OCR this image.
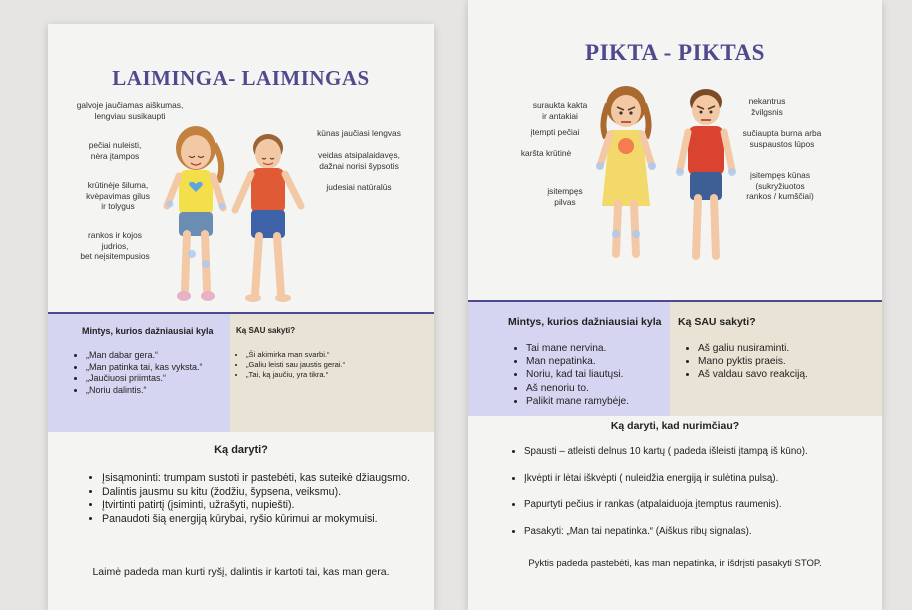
LAIMINGA- LAIMINGAS
galvoje jaučiamas aiškumas,
lengviau susikaupti
pečiai nuleisti,
nėra įtampos
krūtinėje šiluma,
kvėpavimas gilus
ir tolygus
rankos ir kojos
judrios,
bet neįsitempusios
kūnas jaučiasi lengvas
veidas atsipalaidavęs,
dažnai norisi šypsotis
judesiai natūralūs
Mintys, kurios dažniausiai kyla
• „Man dabar gera.“
• „Man patinka tai, kas vyksta.“
• „Jaučiuosi priimtas.“
• „Noriu dalintis.“
Ką SAU sakyti?
• „Ši akimirka man svarbi.“
• „Galiu leisti sau jaustis gerai.“
• „Tai, ką jaučiu, yra tikra.“
Ką daryti?
• Įsisąmoninti: trumpam sustoti ir pastebėti, kas suteikė džiaugsmo.
• Dalintis jausmu su kitu (žodžiu, šypsena, veiksmu).
• Įtvirtinti patirtį (įsiminti, užrašyti, nupiešti).
• Panaudoti šią energiją kūrybai, ryšio kūrimui ar mokymuisi.
Laimė padeda man kurti ryšį, dalintis ir kartoti tai, kas man gera.
PIKTA - PIKTAS
suraukta kakta
ir antakiai
įtempti pečiai
karšta krūtinė
įsitempęs
pilvas
nekantrus
žvilgsnis
sučiaupta burna arba
suspaustos lūpos
įsitempęs kūnas
(sukryžiuotos
rankos / kumščiai)
Mintys, kurios dažniausiai kyla
• Tai mane nervina.
• Man nepatinka.
• Noriu, kad tai liautųsi.
• Aš nenoriu to.
• Palikit mane ramybėje.
Ką SAU sakyti?
• Aš galiu nusiraminti.
• Mano pyktis praeis.
• Aš valdau savo reakciją.
Ką daryti, kad nurimčiau?
• Spausti – atleisti delnus 10 kartų ( padeda išleisti įtampą iš kūno).
• Įkvėpti ir lėtai iškvėpti ( nuleidžia energiją ir sulėtina pulsą).
• Papurtyti pečius ir rankas (atpalaiduoja įtemptus raumenis).
• Pasakyti: „Man tai nepatinka.“ (Aiškus ribų signalas).
Pyktis padeda pastebėti, kas man nepatinka, ir išdrįsti pasakyti STOP.
